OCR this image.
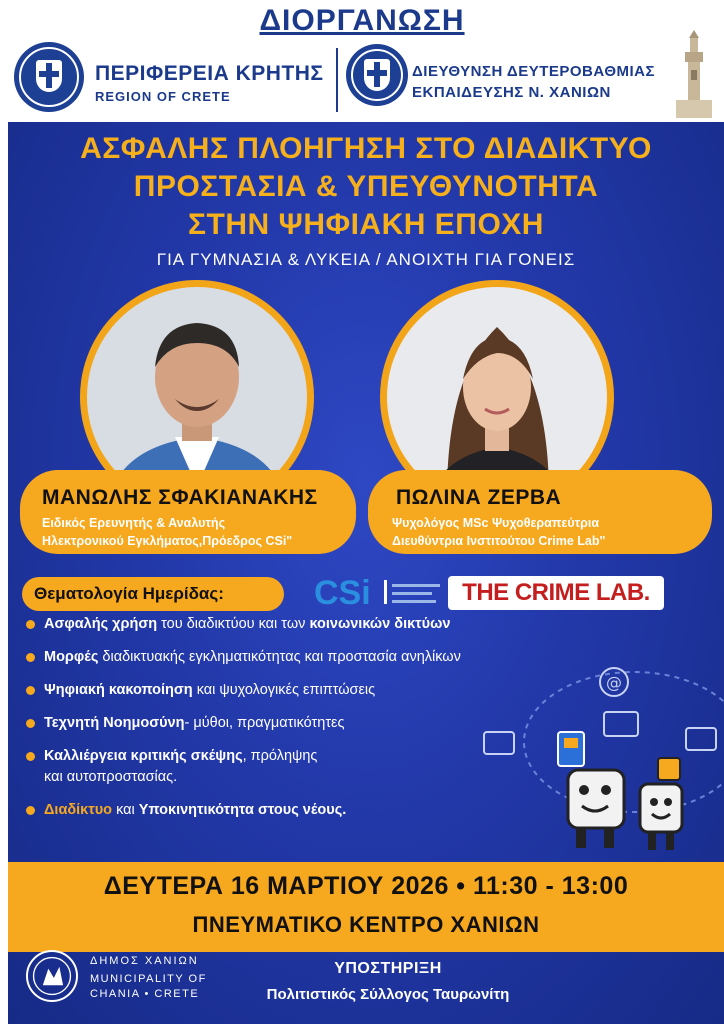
ΔΙΟΡΓΑΝΩΣΗ
ΠΕΡΙΦΕΡΕΙΑ ΚΡΗΤΗΣ
REGION OF CRETE
ΔΙΕΥΘΥΝΣΗ ΔΕΥΤΕΡΟΒΑΘΜΙΑΣ
ΕΚΠΑΙΔΕΥΣΗΣ Ν. ΧΑΝΙΩΝ
ΑΣΦΑΛΗΣ ΠΛΟΗΓΗΣΗ ΣΤΟ ΔΙΑΔΙΚΤΥΟ
ΠΡΟΣΤΑΣΙΑ & ΥΠΕΥΘΥΝΟΤΗΤΑ
ΣΤΗΝ ΨΗΦΙΑΚΗ ΕΠΟΧΗ
ΓΙΑ ΓΥΜΝΑΣΙΑ & ΛΥΚΕΙΑ / ΑΝΟΙΧΤΗ ΓΙΑ ΓΟΝΕΙΣ
ΜΑΝΩΛΗΣ ΣΦΑΚΙΑΝΑΚΗΣ
Ειδικός Ερευνητής & Αναλυτής
Ηλεκτρονικού Εγκλήματος,Πρόεδρος CSi"
ΠΩΛΙΝΑ ΖΕΡΒΑ
Ψυχολόγος MSc Ψυχοθεραπεύτρια
Διευθύντρια Ινστιτούτου Crime Lab"
Θεματολογία Ημερίδας:	CSi	THE CRIME LAB.
Ασφαλής χρήση του διαδικτύου και των κοινωνικών δικτύων
Μορφές διαδικτυακής εγκληματικότητας και προστασία ανηλίκων
Ψηφιακή κακοποίηση και ψυχολογικές επιπτώσεις
Τεχνητή Νοημοσύνη- μύθοι, πραγματικότητες
Καλλιέργεια κριτικής σκέψης, πρόληψης
και αυτοπροστασίας.
Διαδίκτυο και Υποκινητικότητα στους νέους.
@
ΔΕΥΤΕΡΑ 16 ΜΑΡΤΙΟΥ 2026 • 11:30 - 13:00
ΠΝΕΥΜΑΤΙΚΟ ΚΕΝΤΡΟ ΧΑΝΙΩΝ
ΔΗΜΟΣ ΧΑΝΙΩΝ
MUNICIPALITY OF
CHANIA • CRETE
ΥΠΟΣΤΗΡΙΞΗ
Πολιτιστικός Σύλλογος Ταυρωνίτη
